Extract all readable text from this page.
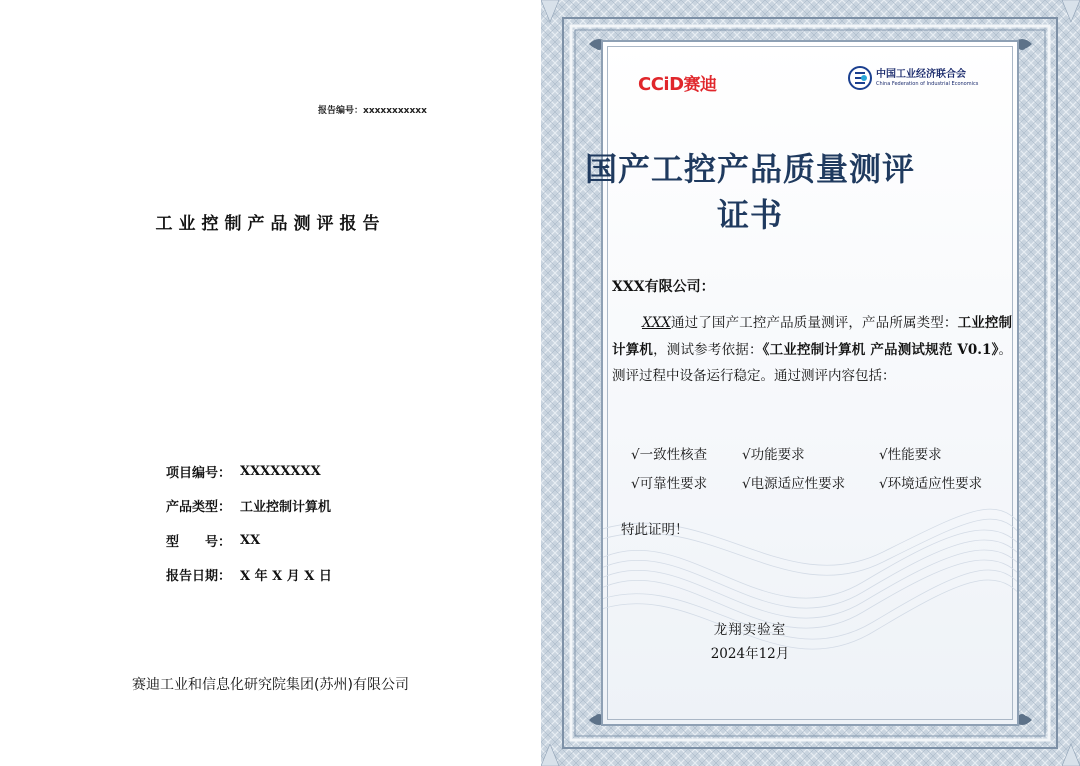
报告编号：xxxxxxxxxxx
工业控制产品测评报告
项目编号： XXXXXXXX
产品类型： 工业控制计算机
型　　号： XX
报告日期： X 年 X 月 X 日
赛迪工业和信息化研究院集团(苏州)有限公司
CCiD赛迪
中国工业经济联合会
China Federation of Industrial Economics
国产工控产品质量测评
证书
XXX有限公司：
XXX通过了国产工控产品质量测评，产品所属类型：工业控制计算机，测试参考依据：《工业控制计算机 产品测试规范 V0.1》。测评过程中设备运行稳定。通过测评内容包括：
√一致性核查	√功能要求	√性能要求
√可靠性要求	√电源适应性要求	√环境适应性要求
特此证明！
龙翔实验室
2024年12月
